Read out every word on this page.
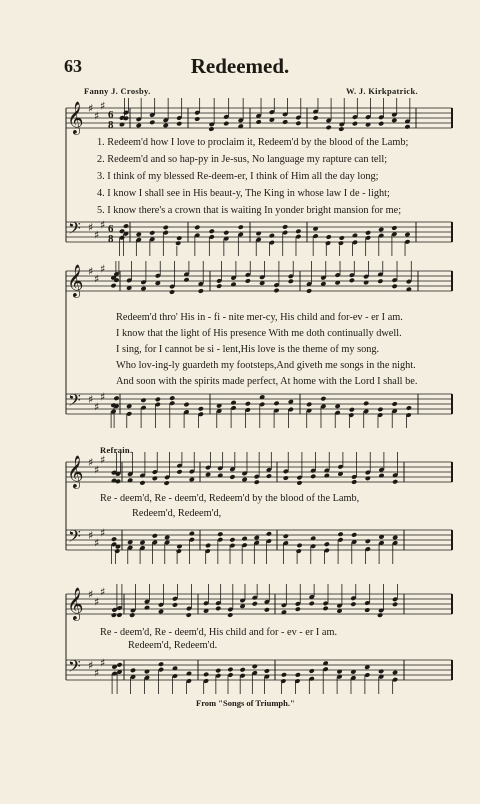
63	Redeemed.
Fanny J. Crosby.	W. J. Kirkpatrick.
𝄞
𝄢
♯
♯
♯
♯
♯
♯
6
8
6
8
𝄞
𝄢
♯
♯
♯
♯
♯
♯
𝄞
𝄢
♯
♯
♯
♯
♯
♯
𝄞
𝄢
♯
♯
♯
♯
♯
♯
1. Redeem'd how I love to proclaim it, Redeem'd by the blood of the Lamb;
2. Redeem'd and so hap-py in Je-sus, No language my rapture can tell;
3. I think of my blessed Re-deem-er, I think of Him all the day long;
4. I know I shall see in His beaut-y, The King in whose law I de - light;
5. I know there's a crown that is waiting In yonder bright mansion for me;
Redeem'd thro' His in - fi - nite mer-cy, His child and for-ev - er I am.
I know that the light of His presence With me doth continually dwell.
I sing, for I cannot be si - lent,His love is the theme of my song.
Who lov-ing-ly guardeth my footsteps,And giveth me songs in the night.
And soon with the spirits made perfect, At home with the Lord I shall be.
Refrain.
Re - deem'd, Re - deem'd, Redeem'd by the blood of the Lamb,
Redeem'd, Redeem'd,
Re - deem'd, Re - deem'd, His child and for - ev - er I am.
Redeem'd, Redeem'd.
From "Songs of Triumph."
